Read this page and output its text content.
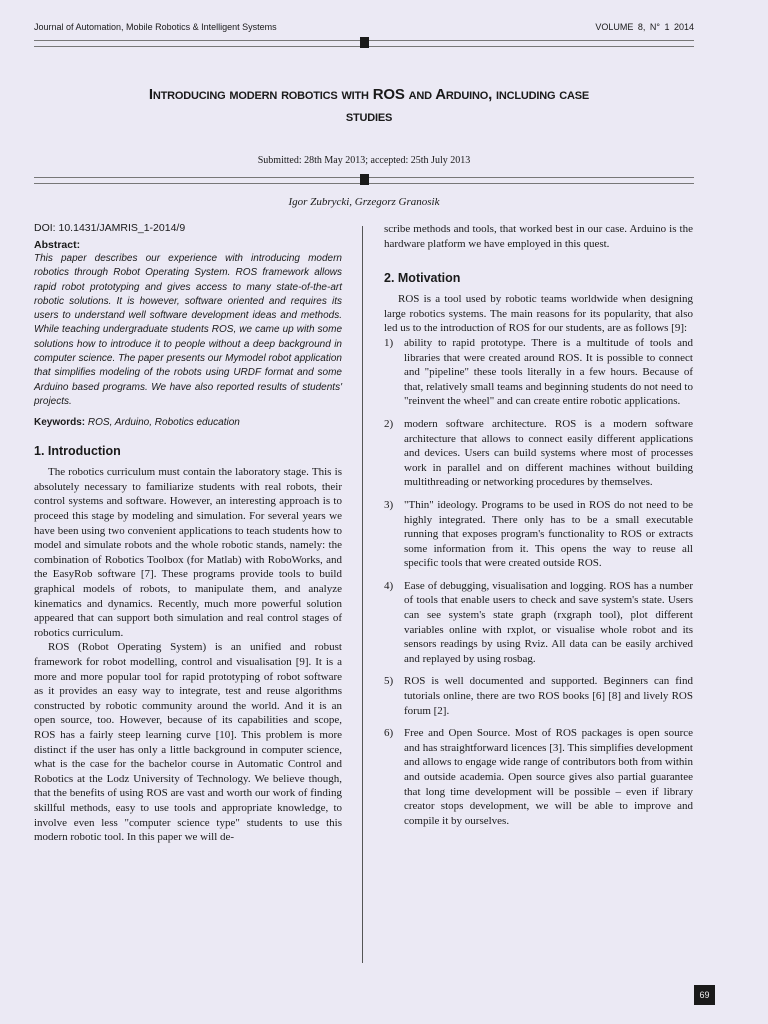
Journal of Automation, Mobile Robotics & Intelligent Systems	VOLUME 8, N° 1 2014
Introducing modern robotics with ROS and Arduino, including case
studies
Submitted: 28th May 2013; accepted: 25th July 2013
Igor Zubrycki, Grzegorz Granosik

DOI: 10.1431/JAMRIS_1-2014/9

Abstract:

This paper describes our experience with introducing modern robotics through Robot Operating System. ROS framework allows rapid robot prototyping and gives access to many state-of-the-art robotic solutions. It is however, software oriented and requires its users to understand well software development ideas and methods. While teaching undergraduate students ROS, we came up with some solutions how to introduce it to people without a deep background in computer science. The paper presents our Mymodel robot application that simplifies modeling of the robots using URDF format and some Arduino based programs. We have also reported results of students' projects.

Keywords: ROS, Arduino, Robotics education

1. Introduction

The robotics curriculum must contain the laboratory stage. This is absolutely necessary to familiarize students with real robots, their control systems and software. However, an interesting approach is to proceed this stage by modeling and simulation. For several years we have been using two convenient applications to teach students how to model and simulate robots and the whole robotic stands, namely: the combination of Robotics Toolbox (for Matlab) with RoboWorks, and the EasyRob software [7]. These programs provide tools to build graphical models of robots, to manipulate them, and analyze kinematics and dynamics. Recently, much more powerful solution appeared that can support both simulation and real control stages of robotics curriculum.

ROS (Robot Operating System) is an unified and robust framework for robot modelling, control and visualisation [9]. It is a more and more popular tool for rapid prototyping of robot software as it provides an easy way to integrate, test and reuse algorithms constructed by robotic community around the world. And it is an open source, too. However, because of its capabilities and scope, ROS has a fairly steep learning curve [10]. This problem is more distinct if the user has only a little background in computer science, what is the case for the bachelor course in Automatic Control and Robotics at the Lodz University of Technology. We believe though, that the benefits of using ROS are vast and worth our work of finding skillful methods, easy to use tools and appropriate knowledge, to involve even less "computer science type" students to use this modern robotic tool. In this paper we will de-

scribe methods and tools, that worked best in our case. Arduino is the hardware platform we have employed in this quest.

2. Motivation

ROS is a tool used by robotic teams worldwide when designing large robotics systems. The main reasons for its popularity, that also led us to the introduction of ROS for our students, are as follows [9]:

1) ability to rapid prototype. There is a multitude of tools and libraries that were created around ROS. It is possible to connect and "pipeline" these tools literally in a few hours. Because of that, relatively small teams and beginning students do not need to "reinvent the wheel" and can create entire robotic applications.
2) modern software architecture. ROS is a modern software architecture that allows to connect easily different applications and devices. Users can build systems where most of processes work in parallel and on different machines without building multithreading or networking procedures by themselves.
3) "Thin" ideology. Programs to be used in ROS do not need to be highly integrated. There only has to be a small executable running that exposes program's functionality to ROS or extracts some information from it. This opens the way to reuse all specific tools that were created outside ROS.
4) Ease of debugging, visualisation and logging. ROS has a number of tools that enable users to check and save system's state. Users can see system's state graph (rxgraph tool), plot different variables online with rxplot, or visualise whole robot and its sensors readings by using Rviz. All data can be easily archived and replayed by using rosbag.
5) ROS is well documented and supported. Beginners can find tutorials online, there are two ROS books [6] [8] and lively ROS forum [2].
6) Free and Open Source. Most of ROS packages is open source and has straightforward licences [3]. This simplifies development and allows to engage wide range of contributors both from within and outside academia. Open source gives also partial guarantee that long time development will be possible – even if library creator stops development, we will be able to improve and compile it by ourselves.
69
